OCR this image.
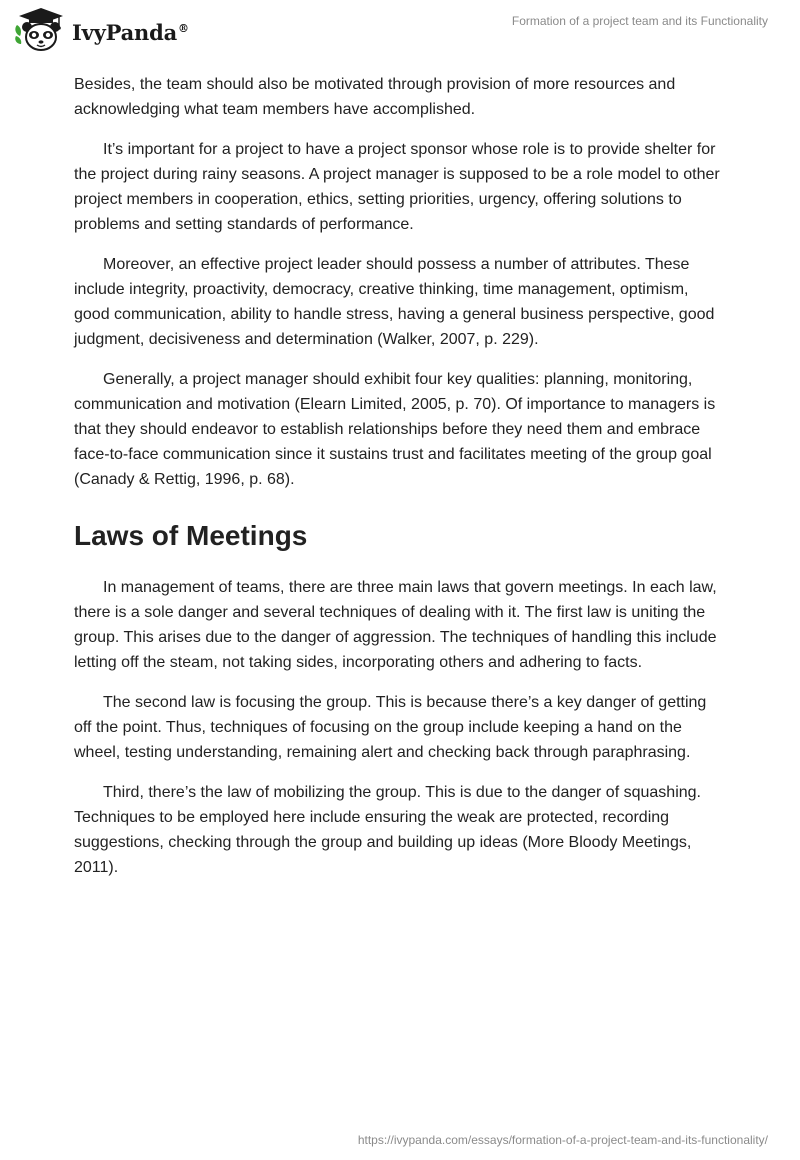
IvyPanda®	Formation of a project team and its Functionality

Besides, the team should also be motivated through provision of more resources and acknowledging what team members have accomplished.

It’s important for a project to have a project sponsor whose role is to provide shelter for the project during rainy seasons. A project manager is supposed to be a role model to other project members in cooperation, ethics, setting priorities, urgency, offering solutions to problems and setting standards of performance.

Moreover, an effective project leader should possess a number of attributes. These include integrity, proactivity, democracy, creative thinking, time management, optimism, good communication, ability to handle stress, having a general business perspective, good judgment, decisiveness and determination (Walker, 2007, p. 229).

Generally, a project manager should exhibit four key qualities: planning, monitoring, communication and motivation (Elearn Limited, 2005, p. 70). Of importance to managers is that they should endeavor to establish relationships before they need them and embrace face-to-face communication since it sustains trust and facilitates meeting of the group goal (Canady & Rettig, 1996, p. 68).

Laws of Meetings

In management of teams, there are three main laws that govern meetings. In each law, there is a sole danger and several techniques of dealing with it. The first law is uniting the group. This arises due to the danger of aggression. The techniques of handling this include letting off the steam, not taking sides, incorporating others and adhering to facts.

The second law is focusing the group. This is because there’s a key danger of getting off the point. Thus, techniques of focusing on the group include keeping a hand on the wheel, testing understanding, remaining alert and checking back through paraphrasing.

Third, there’s the law of mobilizing the group. This is due to the danger of squashing. Techniques to be employed here include ensuring the weak are protected, recording suggestions, checking through the group and building up ideas (More Bloody Meetings, 2011).

https://ivypanda.com/essays/formation-of-a-project-team-and-its-functionality/
